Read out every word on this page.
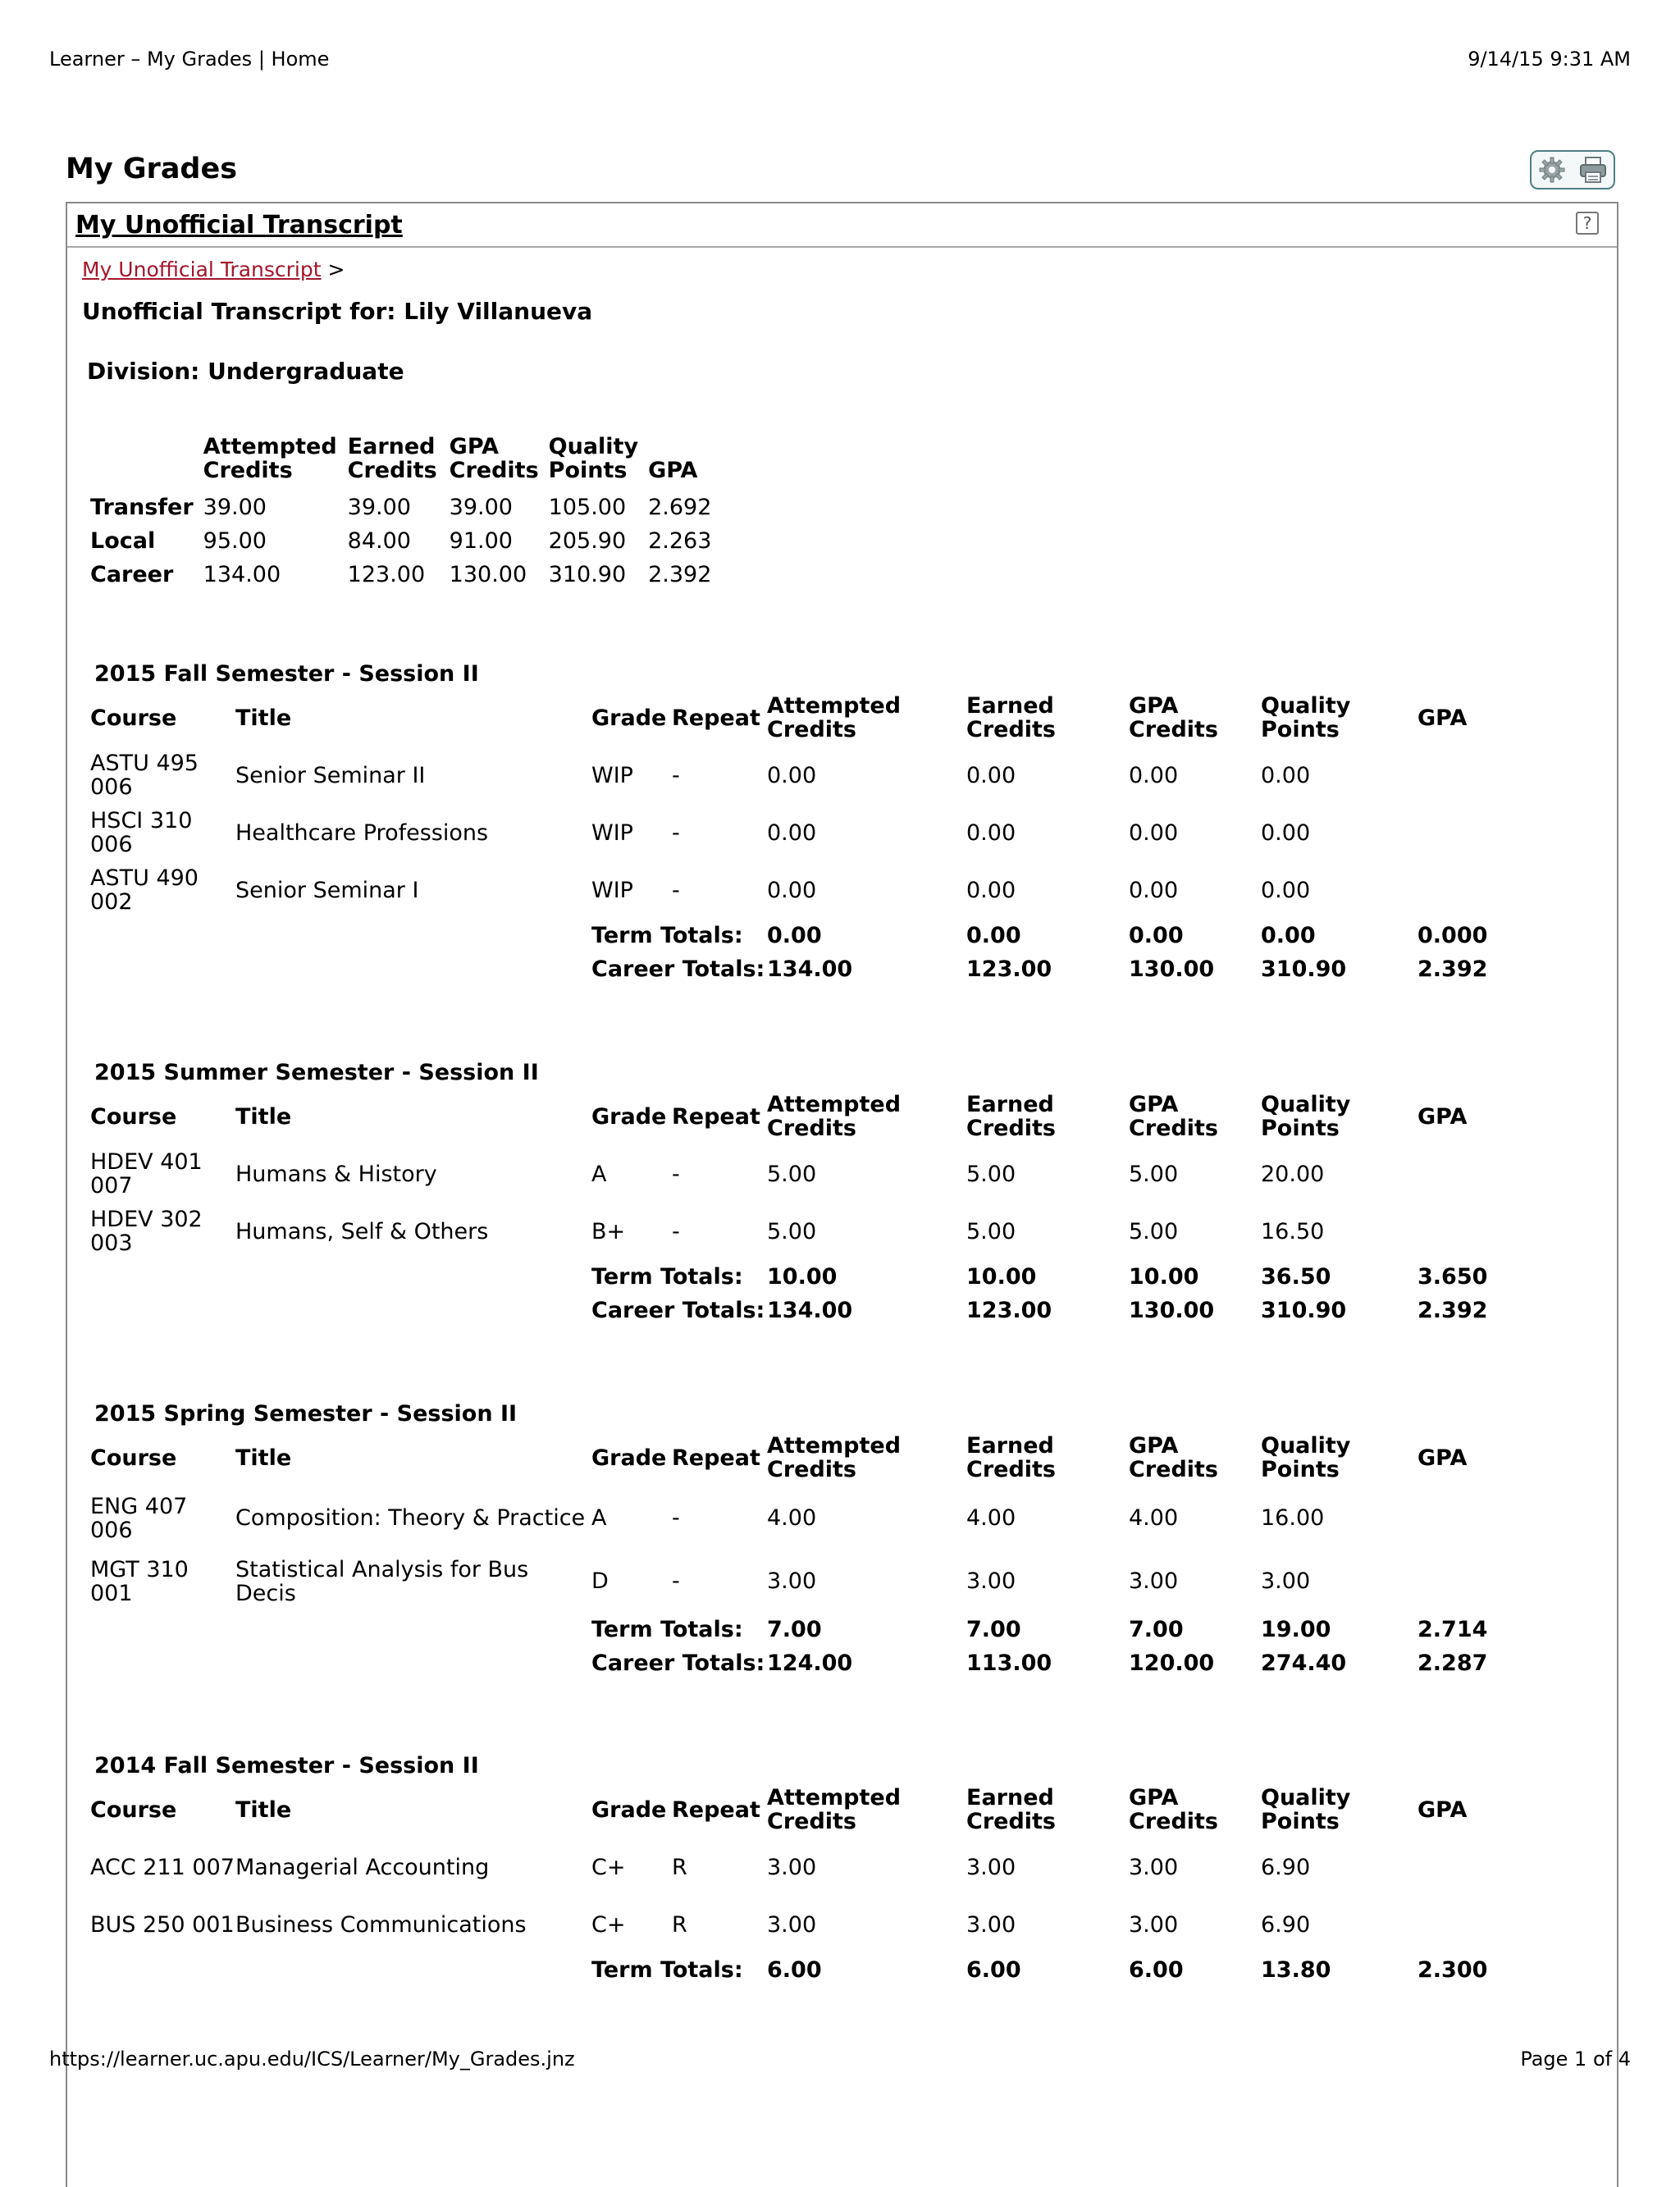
Learner – My Grades | Home	9/14/15 9:31 AM
My Grades
My Unofficial Transcript	?
My Unofficial Transcript >
Unofficial Transcript for: Lily Villanueva
Division: Undergraduate
	Attempted Credits	Earned Credits	GPA Credits	Quality Points	GPA
Transfer	39.00	39.00	39.00	105.00	2.692
Local	95.00	84.00	91.00	205.90	2.263
Career	134.00	123.00	130.00	310.90	2.392
2015 Fall Semester - Session II
Course	Title	Grade	Repeat	Attempted Credits	Earned Credits	GPA Credits	Quality Points	GPA
ASTU 495 006	Senior Seminar II	WIP	-	0.00	0.00	0.00	0.00	
HSCI 310 006	Healthcare Professions	WIP	-	0.00	0.00	0.00	0.00	
ASTU 490 002	Senior Seminar I	WIP	-	0.00	0.00	0.00	0.00	
		Term Totals:		0.00	0.00	0.00	0.00	0.000
		Career Totals:		134.00	123.00	130.00	310.90	2.392
2015 Summer Semester - Session II
Course	Title	Grade	Repeat	Attempted Credits	Earned Credits	GPA Credits	Quality Points	GPA
HDEV 401 007	Humans & History	A	-	5.00	5.00	5.00	20.00	
HDEV 302 003	Humans, Self & Others	B+	-	5.00	5.00	5.00	16.50	
		Term Totals:		10.00	10.00	10.00	36.50	3.650
		Career Totals:		134.00	123.00	130.00	310.90	2.392
2015 Spring Semester - Session II
Course	Title	Grade	Repeat	Attempted Credits	Earned Credits	GPA Credits	Quality Points	GPA
ENG 407 006	Composition: Theory & Practice	A	-	4.00	4.00	4.00	16.00	
MGT 310 001	Statistical Analysis for Bus Decis	D	-	3.00	3.00	3.00	3.00	
		Term Totals:		7.00	7.00	7.00	19.00	2.714
		Career Totals:		124.00	113.00	120.00	274.40	2.287
2014 Fall Semester - Session II
Course	Title	Grade	Repeat	Attempted Credits	Earned Credits	GPA Credits	Quality Points	GPA
ACC 211 007	Managerial Accounting	C+	R	3.00	3.00	3.00	6.90	
BUS 250 001	Business Communications	C+	R	3.00	3.00	3.00	6.90	
		Term Totals:		6.00	6.00	6.00	13.80	2.300
https://learner.uc.apu.edu/ICS/Learner/My_Grades.jnz	Page 1 of 4
